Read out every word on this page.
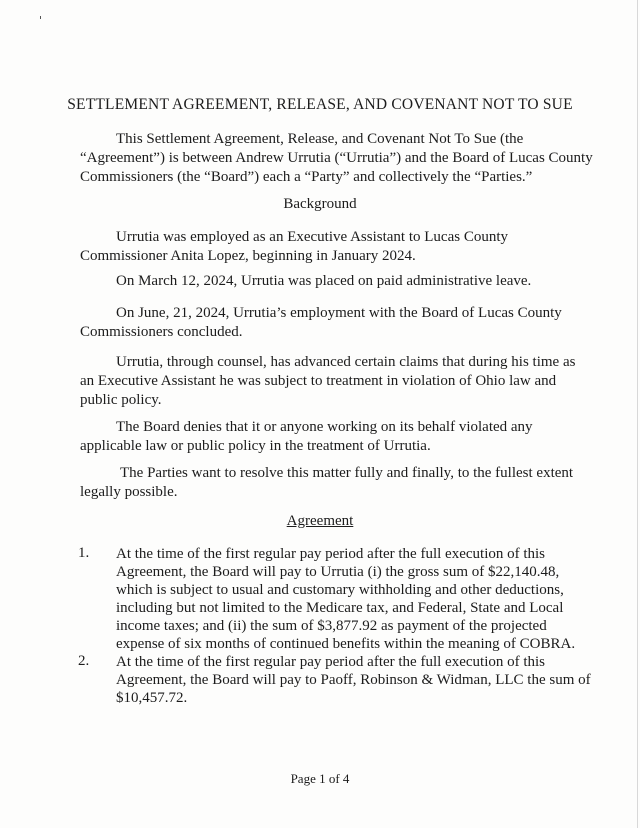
SETTLEMENT AGREEMENT, RELEASE, AND COVENANT NOT TO SUE
This Settlement Agreement, Release, and Covenant Not To Sue (the
“Agreement”) is between Andrew Urrutia (“Urrutia”) and the Board of Lucas County
Commissioners (the “Board”) each a “Party” and collectively the “Parties.”
Background
Urrutia was employed as an Executive Assistant to Lucas County
Commissioner Anita Lopez, beginning in January 2024.
On March 12, 2024, Urrutia was placed on paid administrative leave.
On June, 21, 2024, Urrutia’s employment with the Board of Lucas County
Commissioners concluded.
Urrutia, through counsel, has advanced certain claims that during his time as
an Executive Assistant he was subject to treatment in violation of Ohio law and
public policy.
The Board denies that it or anyone working on its behalf violated any
applicable law or public policy in the treatment of Urrutia.
The Parties want to resolve this matter fully and finally, to the fullest extent
legally possible.
Agreement
1. At the time of the first regular pay period after the full execution of this
Agreement, the Board will pay to Urrutia (i) the gross sum of $22,140.48,
which is subject to usual and customary withholding and other deductions,
including but not limited to the Medicare tax, and Federal, State and Local
income taxes; and (ii) the sum of $3,877.92 as payment of the projected
expense of six months of continued benefits within the meaning of COBRA.
2. At the time of the first regular pay period after the full execution of this
Agreement, the Board will pay to Paoff, Robinson & Widman, LLC the sum of
$10,457.72.
Page 1 of 4
